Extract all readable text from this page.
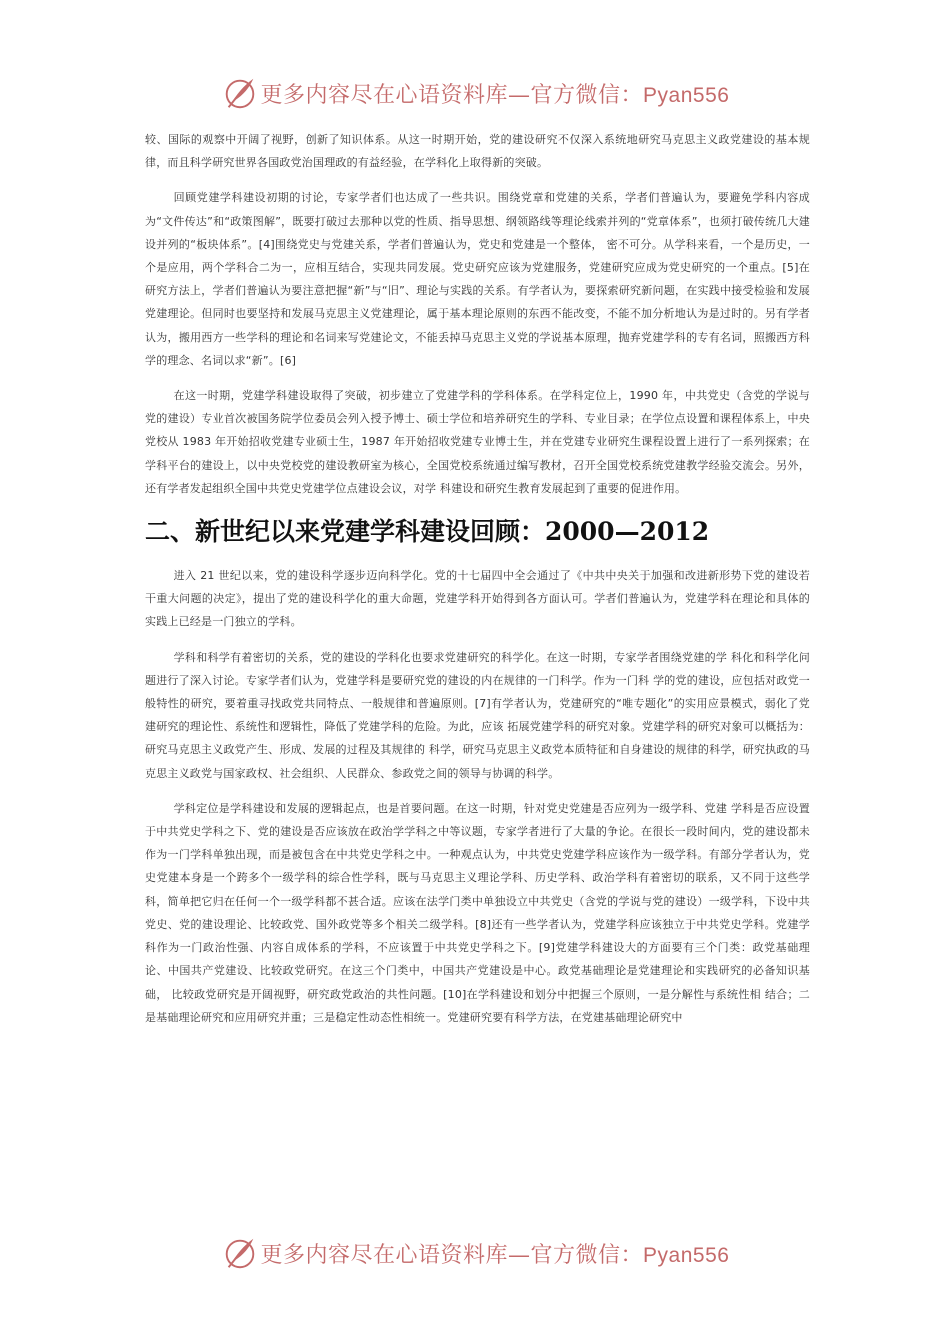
更多内容尽在心语资料库—官方微信：Pyan556

较、国际的观察中开阔了视野，创新了知识体系。从这一时期开始，党的建设研究不仅深入系统地研究马克思主义政党建设的基本规律，而且科学研究世界各国政党治国理政的有益经验，在学科化上取得新的突破。

回顾党建学科建设初期的讨论，专家学者们也达成了一些共识。围绕党章和党建的关系，学者们普遍认为，要避免学科内容成为“文件传达”和“政策图解”，既要打破过去那种以党的性质、指导思想、纲领路线等理论线索并列的“党章体系”，也须打破传统几大建设并列的“板块体系”。[4]围绕党史与党建关系，学者们普遍认为，党史和党建是一个整体， 密不可分。从学科来看，一个是历史，一个是应用，两个学科合二为一，应相互结合，实现共同发展。党史研究应该为党建服务，党建研究应成为党史研究的一个重点。[5]在研究方法上，学者们普遍认为要注意把握“新”与“旧”、理论与实践的关系。有学者认为，要探索研究新问题，在实践中接受检验和发展党建理论。但同时也要坚持和发展马克思主义党建理论，属于基本理论原则的东西不能改变，不能不加分析地认为是过时的。另有学者认为，搬用西方一些学科的理论和名词来写党建论文，不能丢掉马克思主义党的学说基本原理，抛弃党建学科的专有名词，照搬西方科学的理念、名词以求“新”。[6]

在这一时期，党建学科建设取得了突破，初步建立了党建学科的学科体系。在学科定位上，1990 年，中共党史（含党的学说与党的建设）专业首次被国务院学位委员会列入授予博士、硕士学位和培养研究生的学科、专业目录；在学位点设置和课程体系上，中央党校从 1983 年开始招收党建专业硕士生，1987 年开始招收党建专业博士生，并在党建专业研究生课程设置上进行了一系列探索；在学科平台的建设上，以中央党校党的建设教研室为核心，全国党校系统通过编写教材，召开全国党校系统党建教学经验交流会。另外，还有学者发起组织全国中共党史党建学位点建设会议，对学 科建设和研究生教育发展起到了重要的促进作用。

二、新世纪以来党建学科建设回顾：2000—2012

进入 21 世纪以来，党的建设科学逐步迈向科学化。党的十七届四中全会通过了《中共中央关于加强和改进新形势下党的建设若干重大问题的决定》，提出了党的建设科学化的重大命题，党建学科开始得到各方面认可。学者们普遍认为，党建学科在理论和具体的实践上已经是一门独立的学科。

学科和科学有着密切的关系，党的建设的学科化也要求党建研究的科学化。在这一时期，专家学者围绕党建的学 科化和科学化问题进行了深入讨论。专家学者们认为，党建学科是要研究党的建设的内在规律的一门科学。作为一门科 学的党的建设，应包括对政党一般特性的研究，要着重寻找政党共同特点、一般规律和普遍原则。[7]有学者认为，党建研究的“唯专题化”的实用应景模式，弱化了党建研究的理论性、系统性和逻辑性，降低了党建学科的危险。为此，应该 拓展党建学科的研究对象。党建学科的研究对象可以概括为：研究马克思主义政党产生、形成、发展的过程及其规律的 科学，研究马克思主义政党本质特征和自身建设的规律的科学，研究执政的马克思主义政党与国家政权、社会组织、人民群众、参政党之间的领导与协调的科学。

学科定位是学科建设和发展的逻辑起点，也是首要问题。在这一时期，针对党史党建是否应列为一级学科、党建 学科是否应设置于中共党史学科之下、党的建设是否应该放在政治学学科之中等议题，专家学者进行了大量的争论。在很长一段时间内，党的建设都未作为一门学科单独出现，而是被包含在中共党史学科之中。一种观点认为，中共党史党建学科应该作为一级学科。有部分学者认为，党史党建本身是一个跨多个一级学科的综合性学科，既与马克思主义理论学科、历史学科、政治学科有着密切的联系，又不同于这些学科，简单把它归在任何一个一级学科都不甚合适。应该在法学门类中单独设立中共党史（含党的学说与党的建设）一级学科，下设中共党史、党的建设理论、比较政党、国外政党等多个相关二级学科。[8]还有一些学者认为，党建学科应该独立于中共党史学科。党建学科作为一门政治性强、内容自成体系的学科，不应该置于中共党史学科之下。[9]党建学科建设大的方面要有三个门类：政党基础理论、中国共产党建设、比较政党研究。在这三个门类中，中国共产党建设是中心。政党基础理论是党建理论和实践研究的必备知识基础， 比较政党研究是开阔视野，研究政党政治的共性问题。[10]在学科建设和划分中把握三个原则，一是分解性与系统性相 结合；二是基础理论研究和应用研究并重；三是稳定性动态性相统一。党建研究要有科学方法，在党建基础理论研究中

更多内容尽在心语资料库—官方微信：Pyan556
